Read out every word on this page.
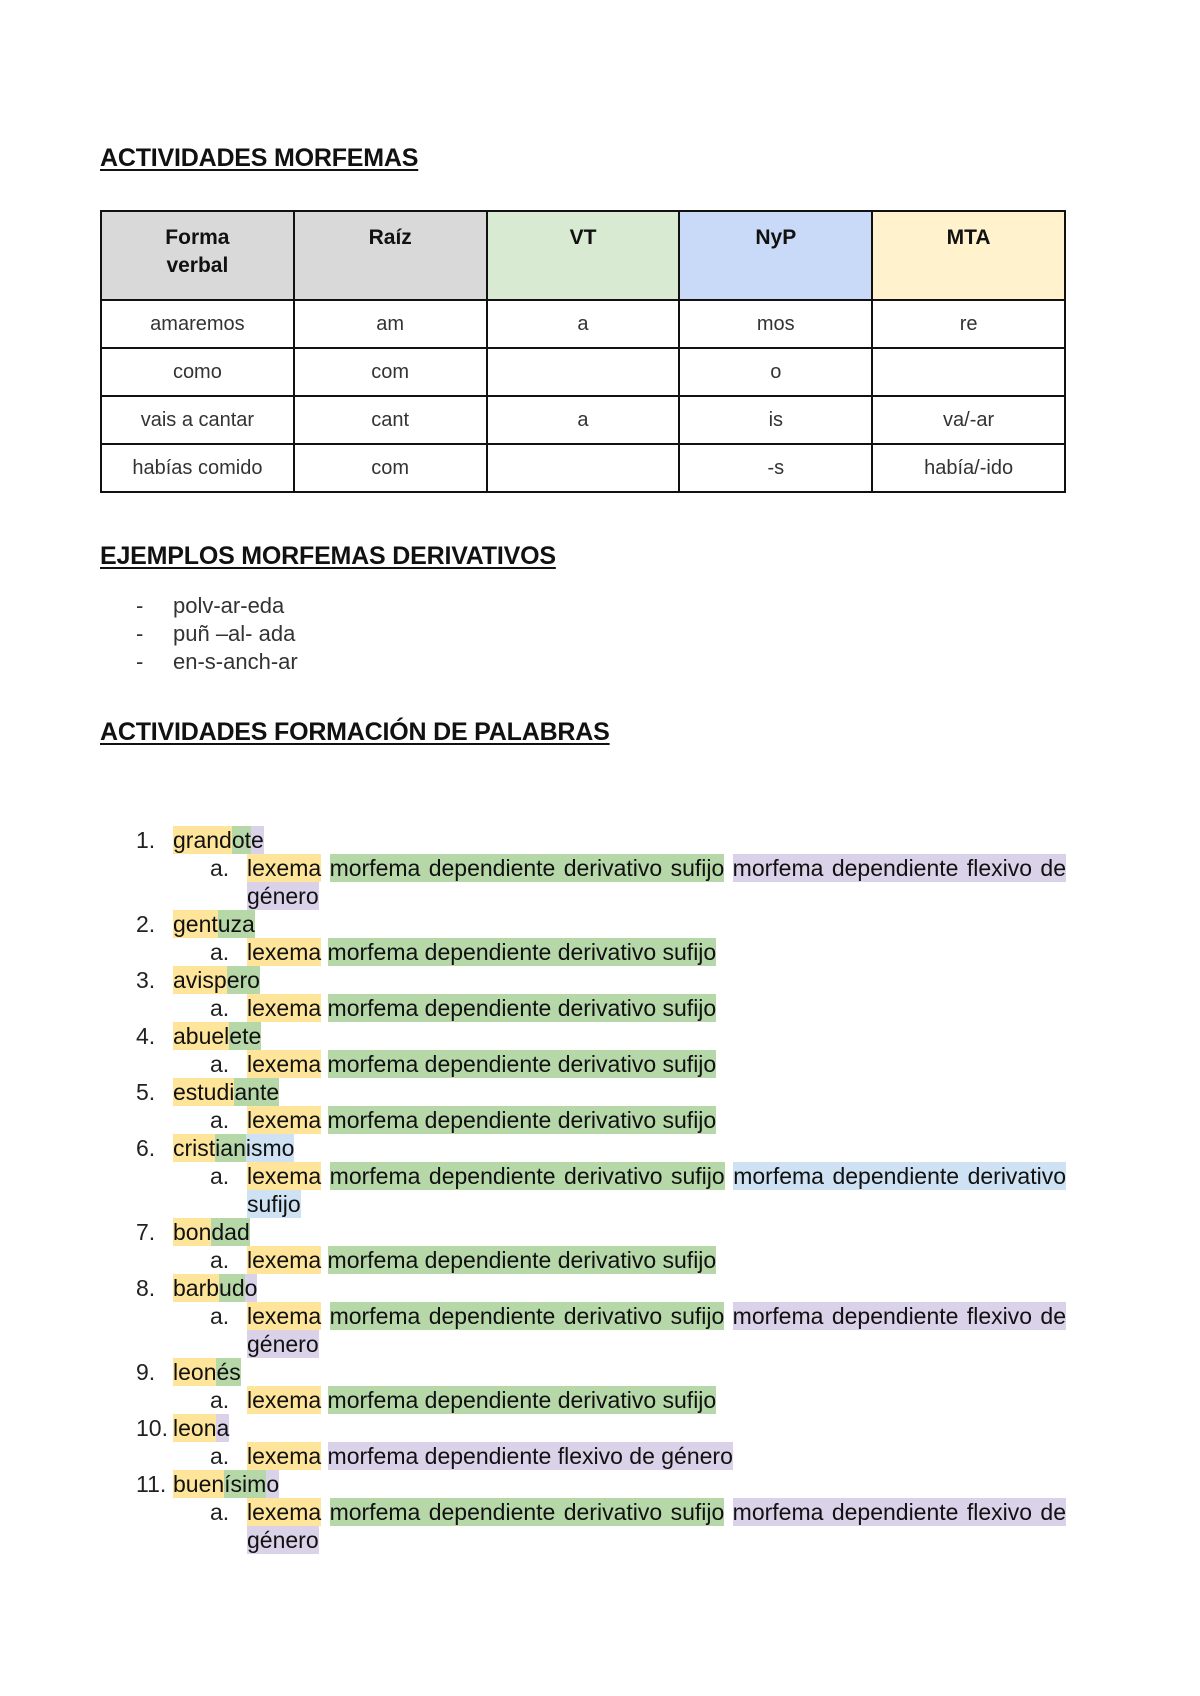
ACTIVIDADES MORFEMAS
Forma verbal	Raíz	VT	NyP	MTA
amaremos	am	a	mos	re
como	com		o	
vais a cantar	cant	a	is	va/-ar
habías comido	com		-s	había/-ido
EJEMPLOS MORFEMAS DERIVATIVOS
- polv-ar-eda
- puñ –al- ada
- en-s-anch-ar
ACTIVIDADES FORMACIÓN DE PALABRAS
1. grandote
a. lexema morfema dependiente derivativo sufijo morfema dependiente flexivo de género
2. gentuza
a. lexema morfema dependiente derivativo sufijo
3. avispero
a. lexema morfema dependiente derivativo sufijo
4. abuelete
a. lexema morfema dependiente derivativo sufijo
5. estudiante
a. lexema morfema dependiente derivativo sufijo
6. cristianismo
a. lexema morfema dependiente derivativo sufijo morfema dependiente derivativo sufijo
7. bondad
a. lexema morfema dependiente derivativo sufijo
8. barbudo
a. lexema morfema dependiente derivativo sufijo morfema dependiente flexivo de género
9. leonés
a. lexema morfema dependiente derivativo sufijo
10. leona
a. lexema morfema dependiente flexivo de género
11. buenísimo
a. lexema morfema dependiente derivativo sufijo morfema dependiente flexivo de género
